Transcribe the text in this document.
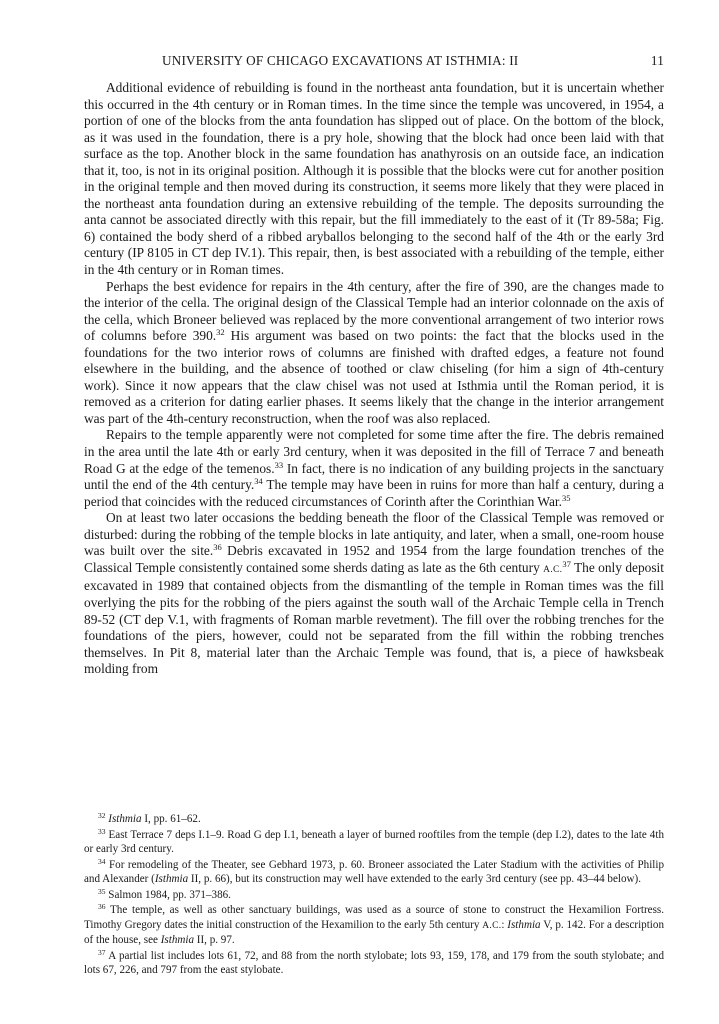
UNIVERSITY OF CHICAGO EXCAVATIONS AT ISTHMIA: II	11

Additional evidence of rebuilding is found in the northeast anta foundation, but it is uncertain whether this occurred in the 4th century or in Roman times. In the time since the temple was uncovered, in 1954, a portion of one of the blocks from the anta foundation has slipped out of place. On the bottom of the block, as it was used in the foundation, there is a pry hole, showing that the block had once been laid with that surface as the top. Another block in the same foundation has anathyrosis on an outside face, an indication that it, too, is not in its original position. Although it is possible that the blocks were cut for another position in the original temple and then moved during its construction, it seems more likely that they were placed in the northeast anta foundation during an extensive rebuilding of the temple. The deposits surrounding the anta cannot be associated directly with this repair, but the fill immediately to the east of it (Tr 89-58a; Fig. 6) contained the body sherd of a ribbed aryballos belonging to the second half of the 4th or the early 3rd century (IP 8105 in CT dep IV.1). This repair, then, is best associated with a rebuilding of the temple, either in the 4th century or in Roman times.

Perhaps the best evidence for repairs in the 4th century, after the fire of 390, are the changes made to the interior of the cella. The original design of the Classical Temple had an interior colonnade on the axis of the cella, which Broneer believed was replaced by the more conventional arrangement of two interior rows of columns before 390.32 His argument was based on two points: the fact that the blocks used in the foundations for the two interior rows of columns are finished with drafted edges, a feature not found elsewhere in the building, and the absence of toothed or claw chiseling (for him a sign of 4th-century work). Since it now appears that the claw chisel was not used at Isthmia until the Roman period, it is removed as a criterion for dating earlier phases. It seems likely that the change in the interior arrangement was part of the 4th-century reconstruction, when the roof was also replaced.

Repairs to the temple apparently were not completed for some time after the fire. The debris remained in the area until the late 4th or early 3rd century, when it was deposited in the fill of Terrace 7 and beneath Road G at the edge of the temenos.$^{33}$ In fact, there is no indication of any building projects in the sanctuary until the end of the 4th century.$^{34}$ The temple may have been in ruins for more than half a century, during a period that coincides with the reduced circumstances of Corinth after the Corinthian War.$^{35}$

On at least two later occasions the bedding beneath the floor of the Classical Temple was removed or disturbed: during the robbing of the temple blocks in late antiquity, and later, when a small, one-room house was built over the site.$^{36}$ Debris excavated in 1952 and 1954 from the large foundation trenches of the Classical Temple consistently contained some sherds dating as late as the 6th century A.C.$^{37}$ The only deposit excavated in 1989 that contained objects from the dismantling of the temple in Roman times was the fill overlying the pits for the robbing of the piers against the south wall of the Archaic Temple cella in Trench 89-52 (CT dep V.1, with fragments of Roman marble revetment). The fill over the robbing trenches for the foundations of the piers, however, could not be separated from the fill within the robbing trenches themselves. In Pit 8, material later than the Archaic Temple was found, that is, a piece of hawksbeak molding from

$^{32}$ Isthmia I, pp. 61–62.

$^{33}$ East Terrace 7 deps I.1–9. Road G dep I.1, beneath a layer of burned rooftiles from the temple (dep I.2), dates to the late 4th or early 3rd century.

$^{34}$ For remodeling of the Theater, see Gebhard 1973, p. 60. Broneer associated the Later Stadium with the activities of Philip and Alexander (Isthmia II, p. 66), but its construction may well have extended to the early 3rd century (see pp. 43–44 below).

$^{35}$ Salmon 1984, pp. 371–386.

$^{36}$ The temple, as well as other sanctuary buildings, was used as a source of stone to construct the Hexamilion Fortress. Timothy Gregory dates the initial construction of the Hexamilion to the early 5th century A.C.: Isthmia V, p. 142. For a description of the house, see Isthmia II, p. 97.

$^{37}$ A partial list includes lots 61, 72, and 88 from the north stylobate; lots 93, 159, 178, and 179 from the south stylobate; and lots 67, 226, and 797 from the east stylobate.
